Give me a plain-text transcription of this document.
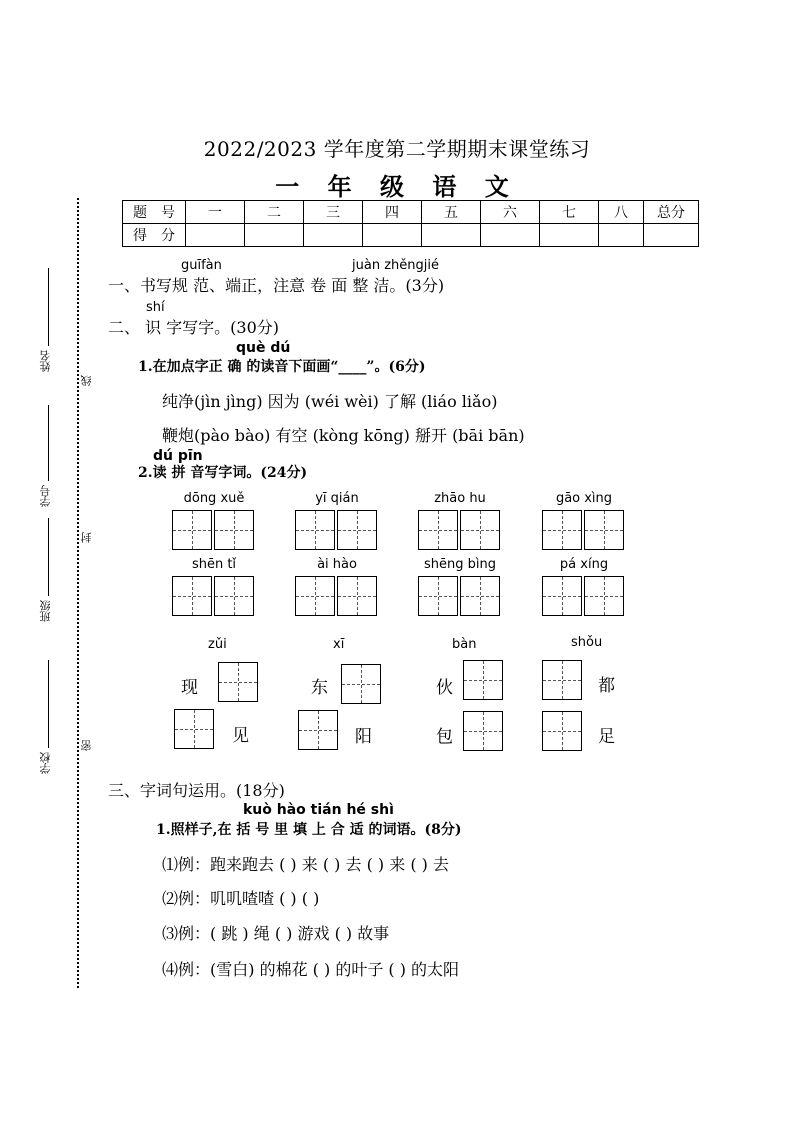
2022/2023 学年度第二学期期末课堂练习
一 年 级 语 文
题　号	一	二	三	四	五	六	七	八	总分
得　分									
姓名
学号
班级
学校
线
封
密
guīfàn	juàn zhěngjié
一、书写规 范、端正，注意 卷 面 整 洁。(3分)
shí
二、 识 字写字。(30分)
què dú
1.在加点字正 确 的读音下面画“____”。(6分)
纯净(jìn jìng) 因为 (wéi wèi) 了解 (liáo liǎo)
鞭炮(pào bào) 有空 (kòng kōng) 掰开 (bāi bān)
dú pīn
2.读 拼 音写字词。(24分)
dōng xuě	yī qián	zhāo hu	gāo xìng
shēn tǐ	ài hào	shēng bìng	pá xíng
zǔi	xī	bàn	shǒu
现	东	伙	都
见	阳	包	足
三、字词句运用。(18分)
kuò hào tián hé shì
1.照样子,在 括 号 里 填 上 合 适 的词语。(8分)
⑴例：跑来跑去 ( ) 来 ( ) 去 ( ) 来 ( ) 去
⑵例：叽叽喳喳 ( ) ( )
⑶例：( 跳 ) 绳 ( ) 游戏 ( ) 故事
⑷例：(雪白) 的棉花 ( ) 的叶子 ( ) 的太阳
